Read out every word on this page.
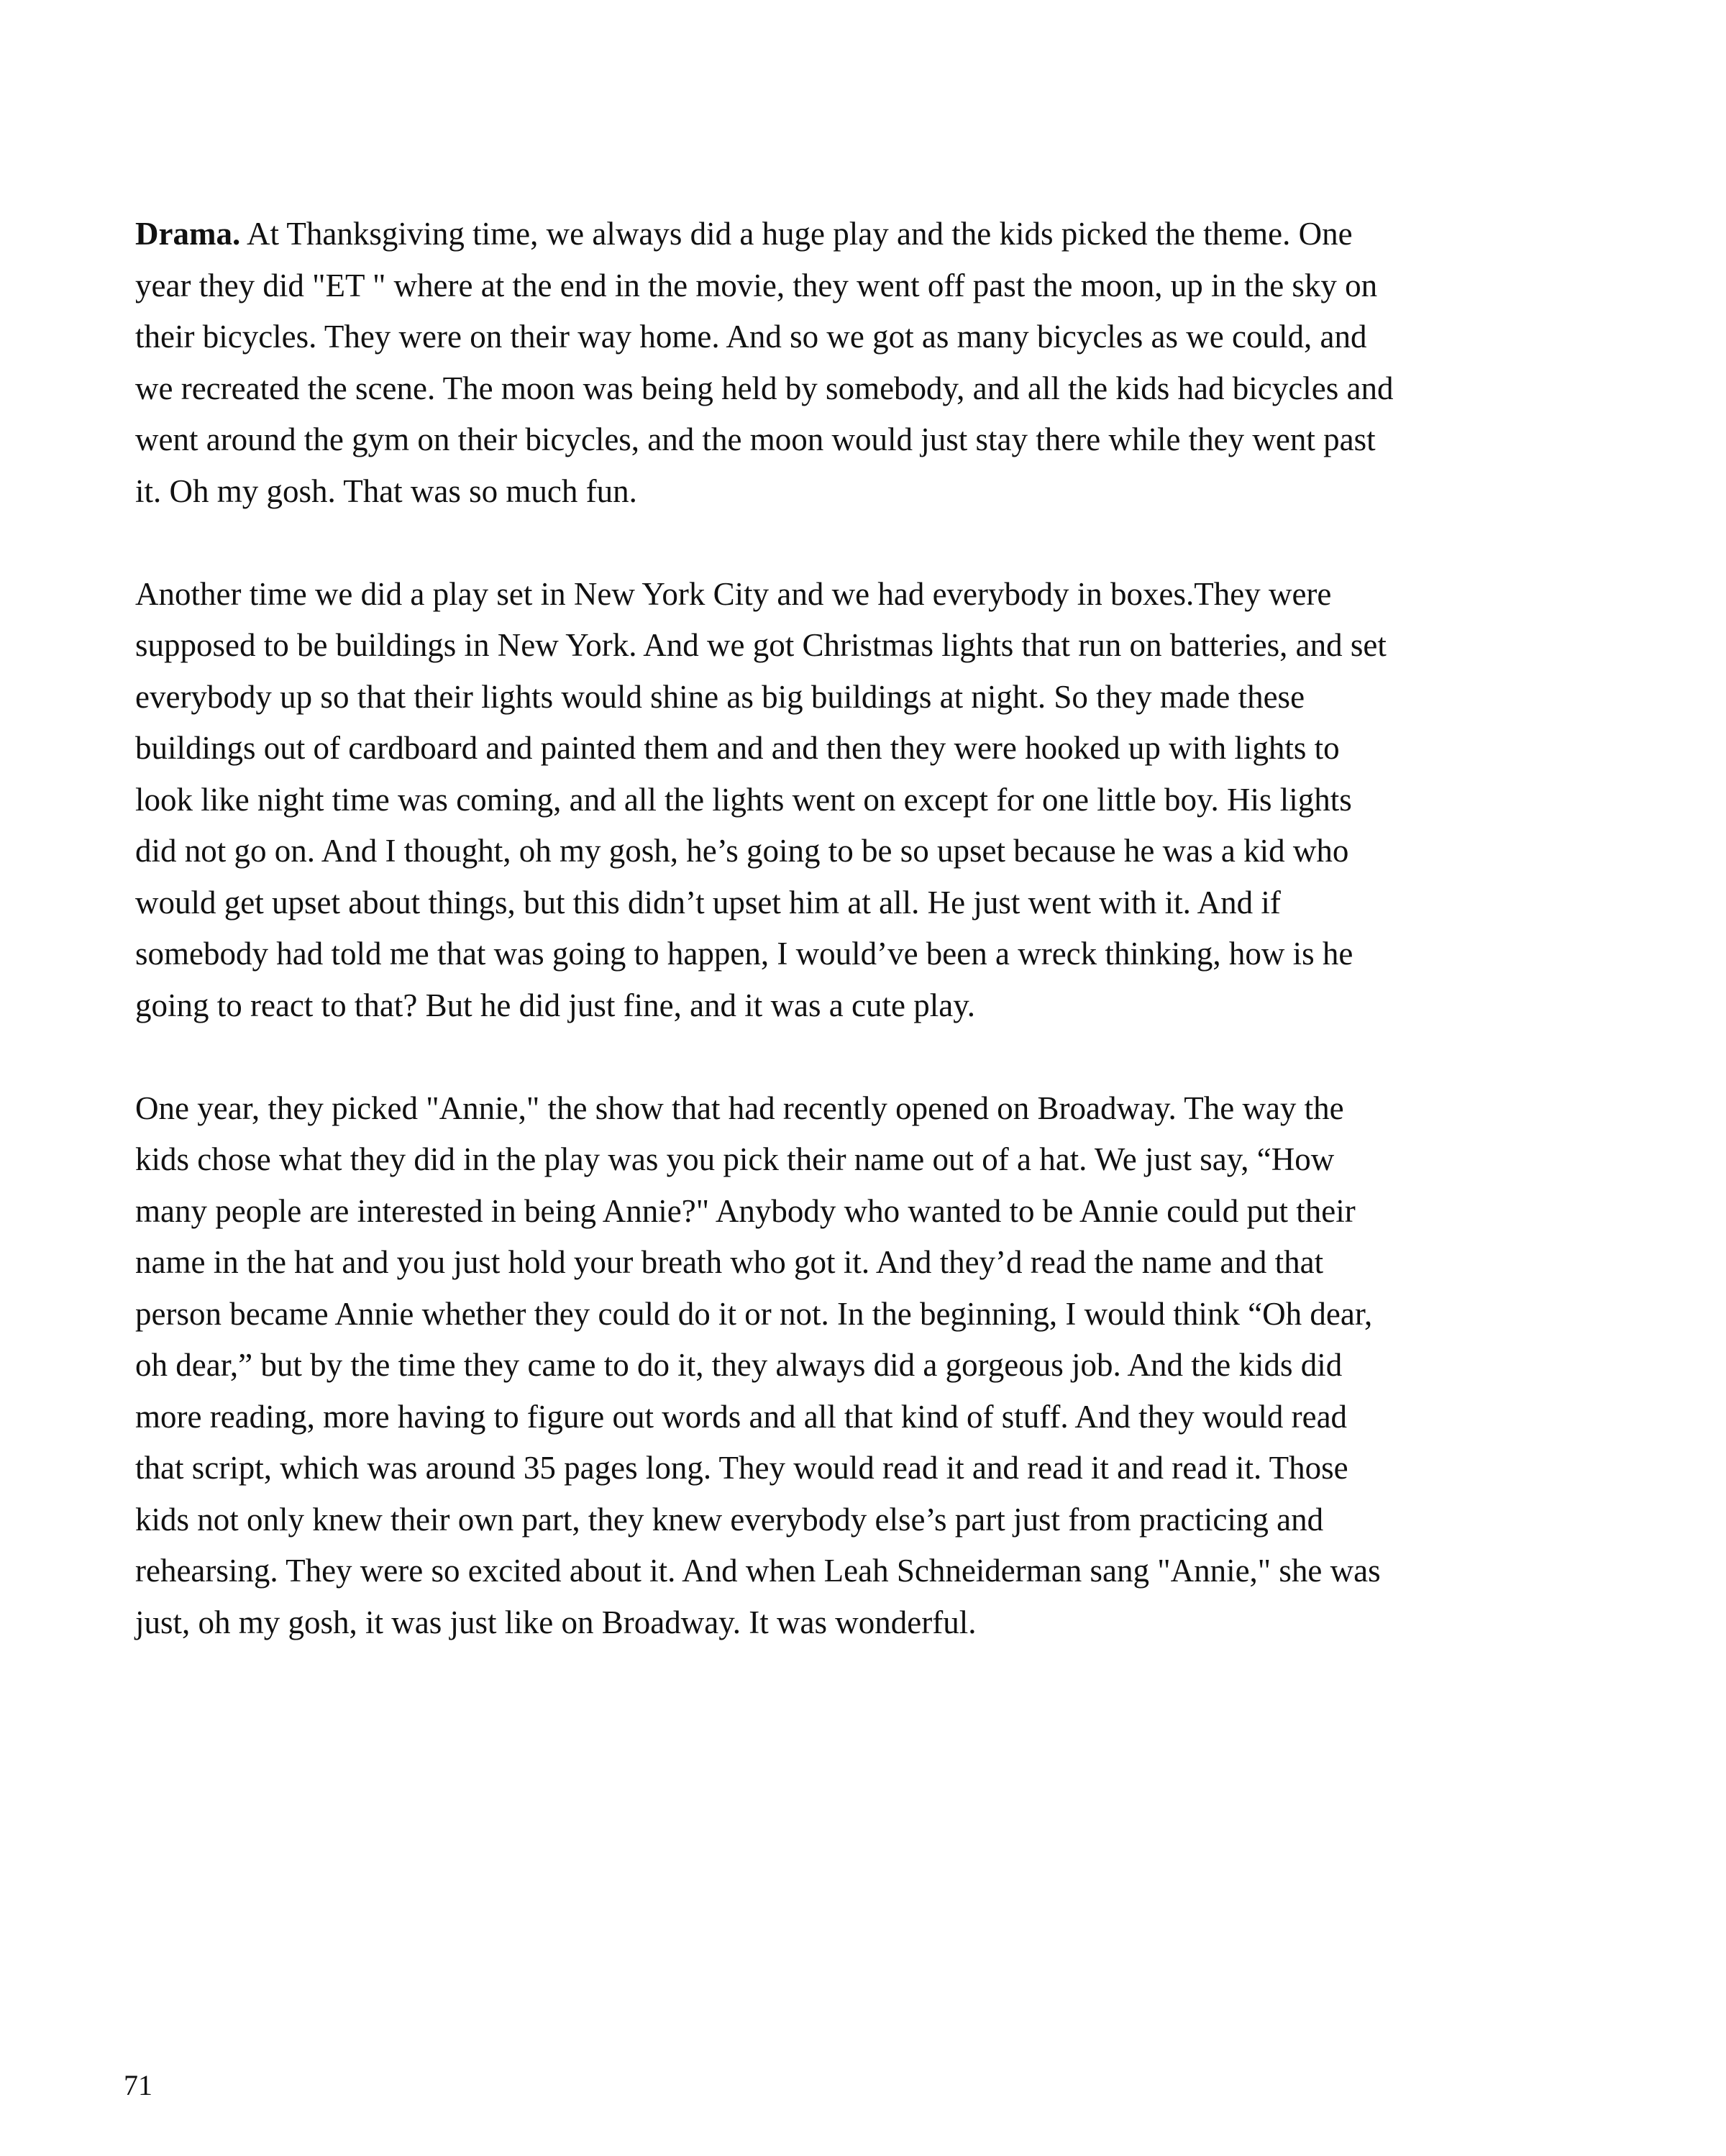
Drama. At Thanksgiving time, we always did a huge play and the kids picked the theme. One
year they did "ET " where at the end in the movie, they went off past the moon, up in the sky on
their bicycles. They were on their way home. And so we got as many bicycles as we could, and
we recreated the scene. The moon was being held by somebody, and all the kids had bicycles and
went around the gym on their bicycles, and the moon would just stay there while they went past
it. Oh my gosh. That was so much fun.

Another time we did a play set in New York City and we had everybody in boxes.They were
supposed to be buildings in New York. And we got Christmas lights that run on batteries, and set
everybody up so that their lights would shine as big buildings at night. So they made these
buildings out of cardboard and painted them and and then they were hooked up with lights to
look like night time was coming, and all the lights went on except for one little boy. His lights
did not go on. And I thought, oh my gosh, he’s going to be so upset because he was a kid who
would get upset about things, but this didn’t upset him at all. He just went with it. And if
somebody had told me that was going to happen, I would’ve been a wreck thinking, how is he
going to react to that? But he did just fine, and it was a cute play.

One year, they picked "Annie," the show that had recently opened on Broadway. The way the
kids chose what they did in the play was you pick their name out of a hat. We just say, “How
many people are interested in being Annie?" Anybody who wanted to be Annie could put their
name in the hat and you just hold your breath who got it. And they’d read the name and that
person became Annie whether they could do it or not. In the beginning, I would think “Oh dear,
oh dear,” but by the time they came to do it, they always did a gorgeous job. And the kids did
more reading, more having to figure out words and all that kind of stuff. And they would read
that script, which was around 35 pages long. They would read it and read it and read it. Those
kids not only knew their own part, they knew everybody else’s part just from practicing and
rehearsing. They were so excited about it. And when Leah Schneiderman sang "Annie," she was
just, oh my gosh, it was just like on Broadway. It was wonderful.

71
